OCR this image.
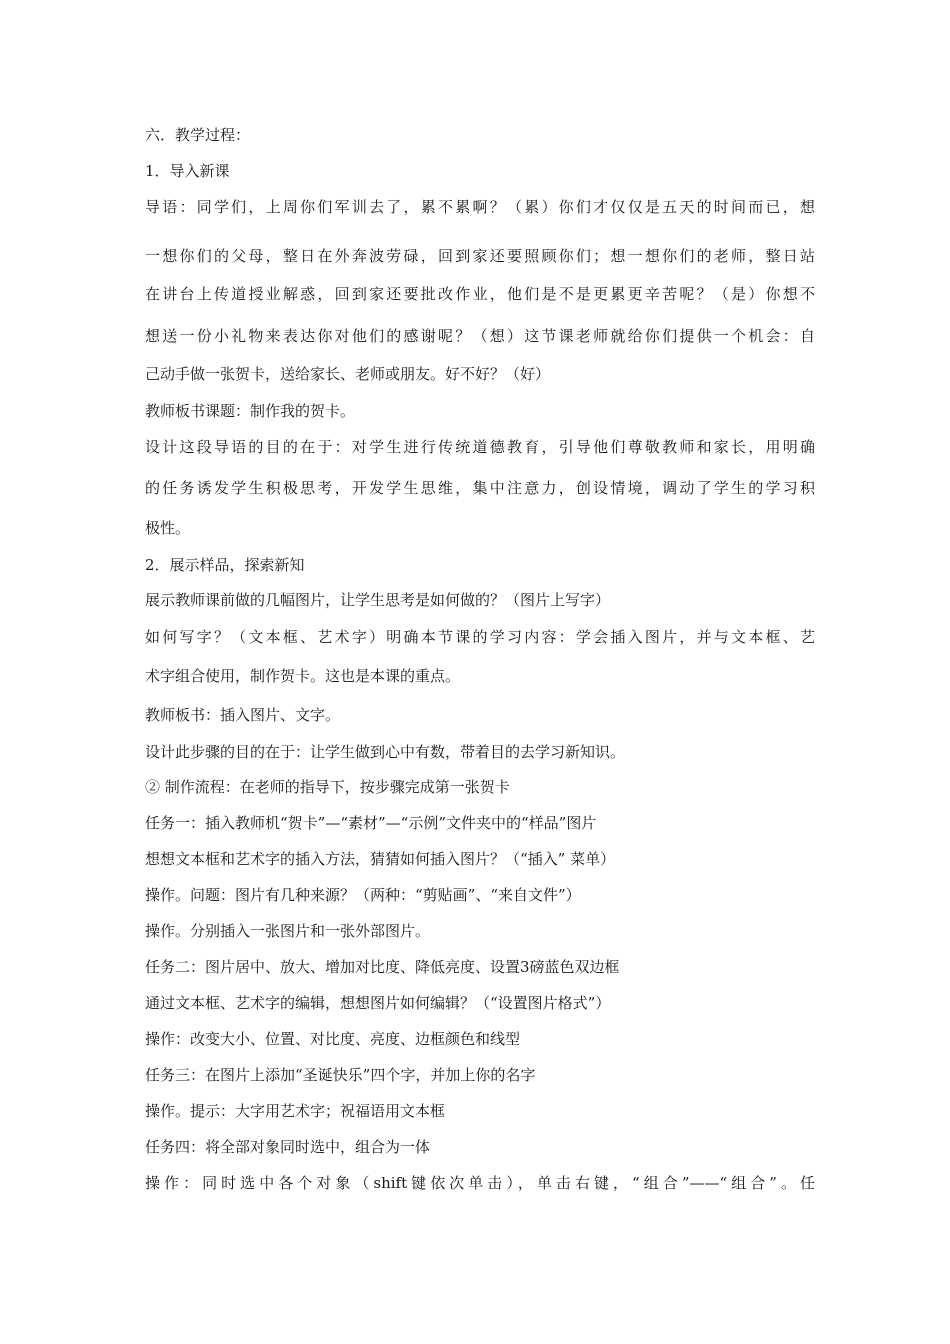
六．教学过程：
1．导入新课
导语：同学们，上周你们军训去了，累不累啊？（累）你们才仅仅是五天的时间而已，想
一想你们的父母，整日在外奔波劳碌，回到家还要照顾你们；想一想你们的老师，整日站
在讲台上传道授业解惑，回到家还要批改作业，他们是不是更累更辛苦呢？（是）你想不
想送一份小礼物来表达你对他们的感谢呢？（想）这节课老师就给你们提供一个机会：自
己动手做一张贺卡，送给家长、老师或朋友。好不好？（好）
教师板书课题：制作我的贺卡。
设计这段导语的目的在于：对学生进行传统道德教育，引导他们尊敬教师和家长，用明确
的任务诱发学生积极思考，开发学生思维，集中注意力，创设情境，调动了学生的学习积
极性。
2．展示样品，探索新知
展示教师课前做的几幅图片，让学生思考是如何做的？（图片上写字）
如何写字？（文本框、艺术字）明确本节课的学习内容：学会插入图片，并与文本框、艺
术字组合使用，制作贺卡。这也是本课的重点。
教师板书：插入图片、文字。
设计此步骤的目的在于：让学生做到心中有数，带着目的去学习新知识。
② 制作流程：在老师的指导下，按步骤完成第一张贺卡
任务一：插入教师机“贺卡”—“素材”—“示例”文件夹中的“样品”图片
想想文本框和艺术字的插入方法，猜猜如何插入图片？（“插入” 菜单）
操作。问题：图片有几种来源？（两种：“剪贴画”、“来自文件”）
操作。分别插入一张图片和一张外部图片。
任务二：图片居中、放大、增加对比度、降低亮度、设置3磅蓝色双边框
通过文本框、艺术字的编辑，想想图片如何编辑？（“设置图片格式”）
操作：改变大小、位置、对比度、亮度、边框颜色和线型
任务三：在图片上添加“圣诞快乐”四个字，并加上你的名字
操作。提示：大字用艺术字；祝福语用文本框
任务四：将全部对象同时选中，组合为一体
操作：同时选中各个对象（shift键依次单击），单击右键，“组合”——“组合”。任
